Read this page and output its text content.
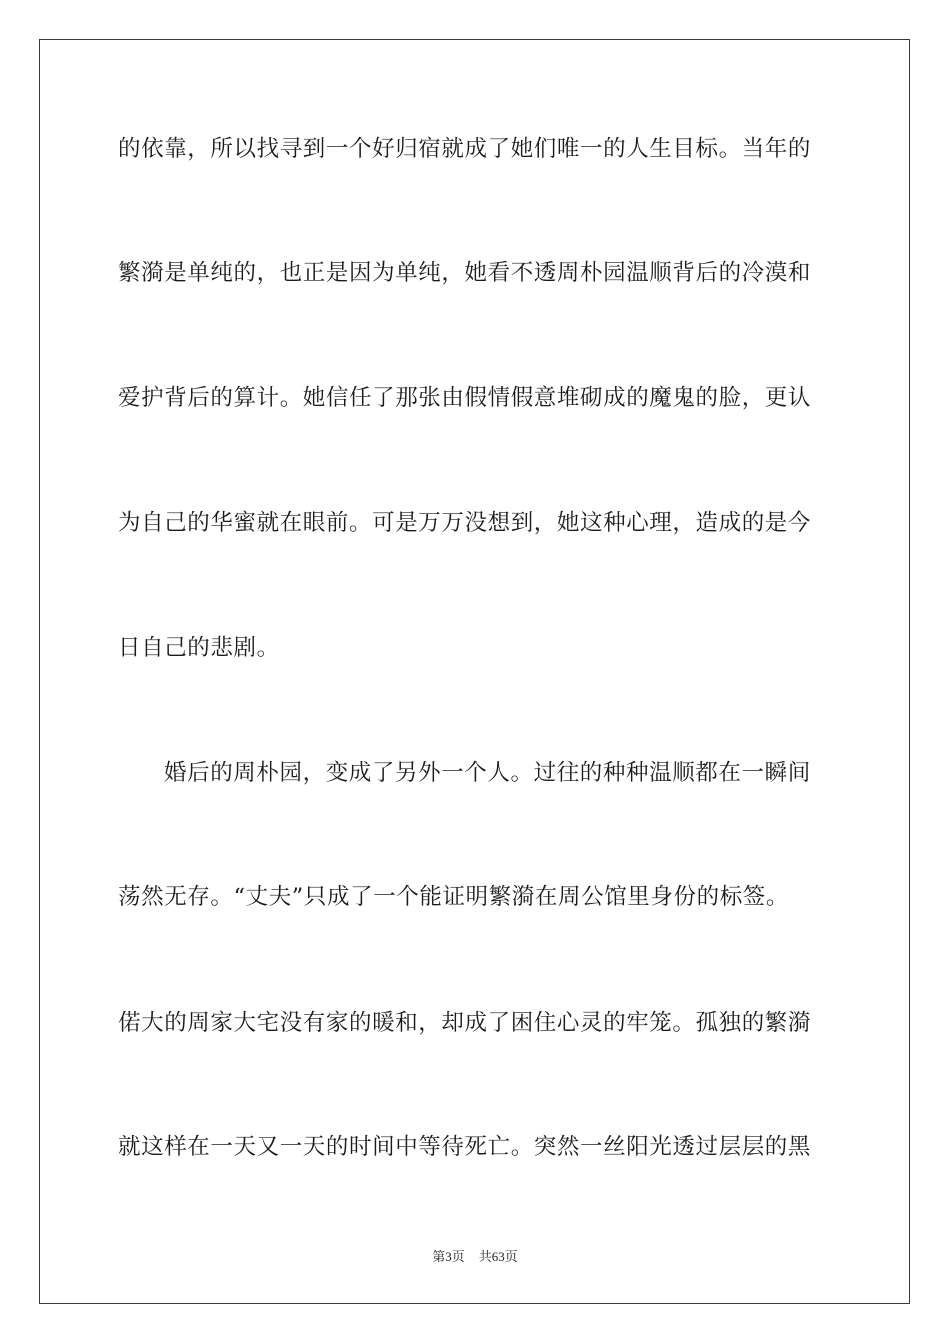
的依靠，所以找寻到一个好归宿就成了她们唯一的人生目标。当年的
繁漪是单纯的，也正是因为单纯，她看不透周朴园温顺背后的冷漠和
爱护背后的算计。她信任了那张由假情假意堆砌成的魔鬼的脸，更认
为自己的华蜜就在眼前。可是万万没想到，她这种心理，造成的是今
日自己的悲剧。
婚后的周朴园，变成了另外一个人。过往的种种温顺都在一瞬间
荡然无存。“丈夫”只成了一个能证明繁漪在周公馆里身份的标签。
偌大的周家大宅没有家的暖和，却成了困住心灵的牢笼。孤独的繁漪
就这样在一天又一天的时间中等待死亡。突然一丝阳光透过层层的黑
第3页 共63页
